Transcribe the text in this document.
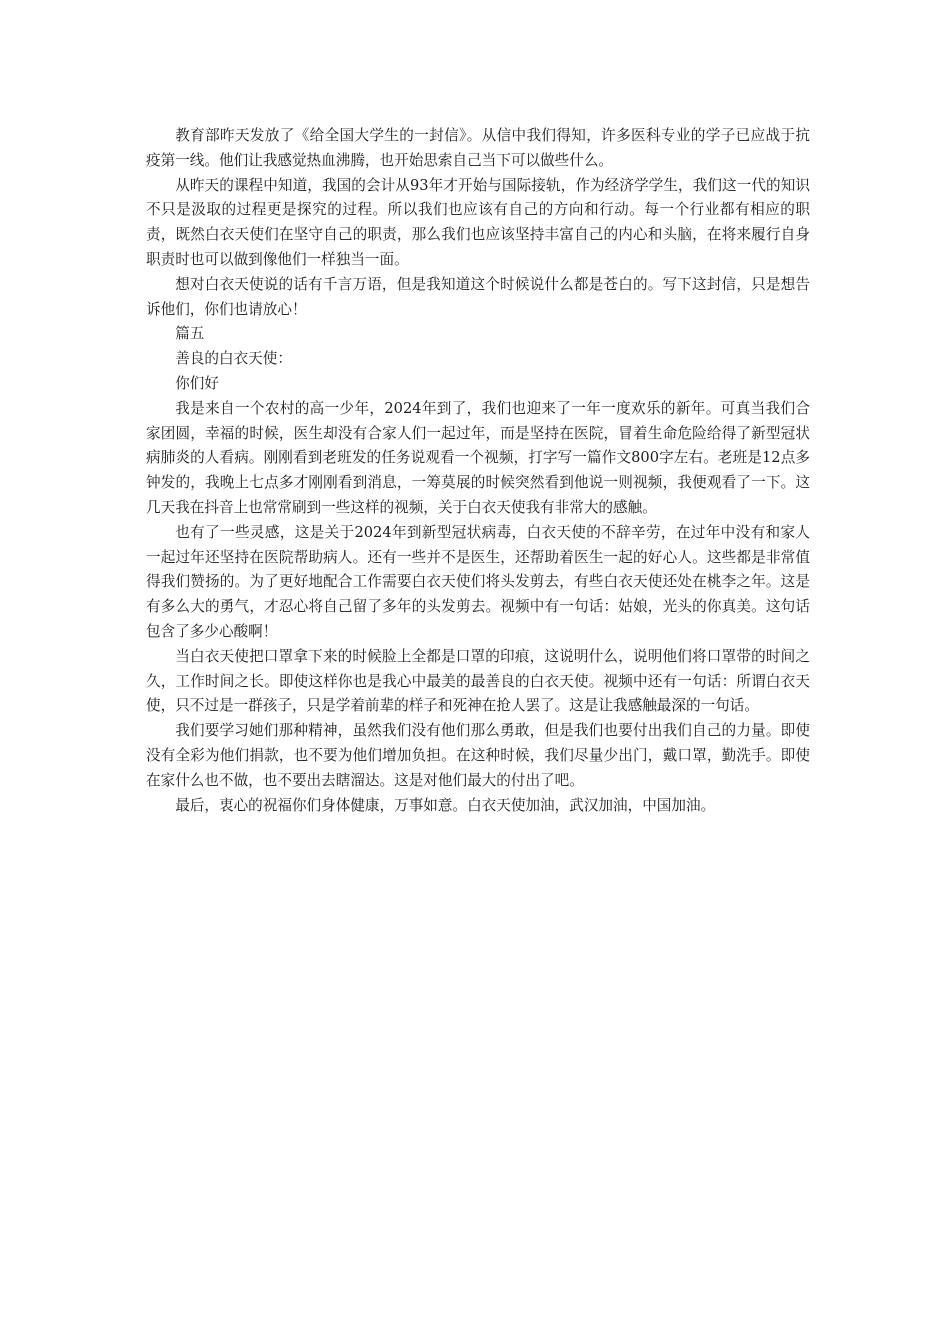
教育部昨天发放了《给全国大学生的一封信》。从信中我们得知，许多医科专业的学子已应战于抗疫第一线。他们让我感觉热血沸腾，也开始思索自己当下可以做些什么。

从昨天的课程中知道，我国的会计从93年才开始与国际接轨，作为经济学学生，我们这一代的知识不只是汲取的过程更是探究的过程。所以我们也应该有自己的方向和行动。每一个行业都有相应的职责，既然白衣天使们在坚守自己的职责，那么我们也应该坚持丰富自己的内心和头脑，在将来履行自身职责时也可以做到像他们一样独当一面。

想对白衣天使说的话有千言万语，但是我知道这个时候说什么都是苍白的。写下这封信，只是想告诉他们，你们也请放心！

篇五

善良的白衣天使：

你们好

我是来自一个农村的高一少年，2024年到了，我们也迎来了一年一度欢乐的新年。可真当我们合家团圆，幸福的时候，医生却没有合家人们一起过年，而是坚持在医院，冒着生命危险给得了新型冠状病肺炎的人看病。刚刚看到老班发的任务说观看一个视频，打字写一篇作文800字左右。老班是12点多钟发的，我晚上七点多才刚刚看到消息，一筹莫展的时候突然看到他说一则视频，我便观看了一下。这几天我在抖音上也常常刷到一些这样的视频，关于白衣天使我有非常大的感触。

也有了一些灵感，这是关于2024年到新型冠状病毒，白衣天使的不辞辛劳，在过年中没有和家人一起过年还坚持在医院帮助病人。还有一些并不是医生，还帮助着医生一起的好心人。这些都是非常值得我们赞扬的。为了更好地配合工作需要白衣天使们将头发剪去，有些白衣天使还处在桃李之年。这是有多么大的勇气，才忍心将自己留了多年的头发剪去。视频中有一句话：姑娘，光头的你真美。这句话包含了多少心酸啊！

当白衣天使把口罩拿下来的时候脸上全都是口罩的印痕，这说明什么，说明他们将口罩带的时间之久，工作时间之长。即使这样你也是我心中最美的最善良的白衣天使。视频中还有一句话：所谓白衣天使，只不过是一群孩子，只是学着前辈的样子和死神在抢人罢了。这是让我感触最深的一句话。

我们要学习她们那种精神，虽然我们没有他们那么勇敢，但是我们也要付出我们自己的力量。即使没有全彩为他们捐款，也不要为他们增加负担。在这种时候，我们尽量少出门，戴口罩，勤洗手。即使在家什么也不做，也不要出去瞎溜达。这是对他们最大的付出了吧。

最后，衷心的祝福你们身体健康，万事如意。白衣天使加油，武汉加油，中国加油。
